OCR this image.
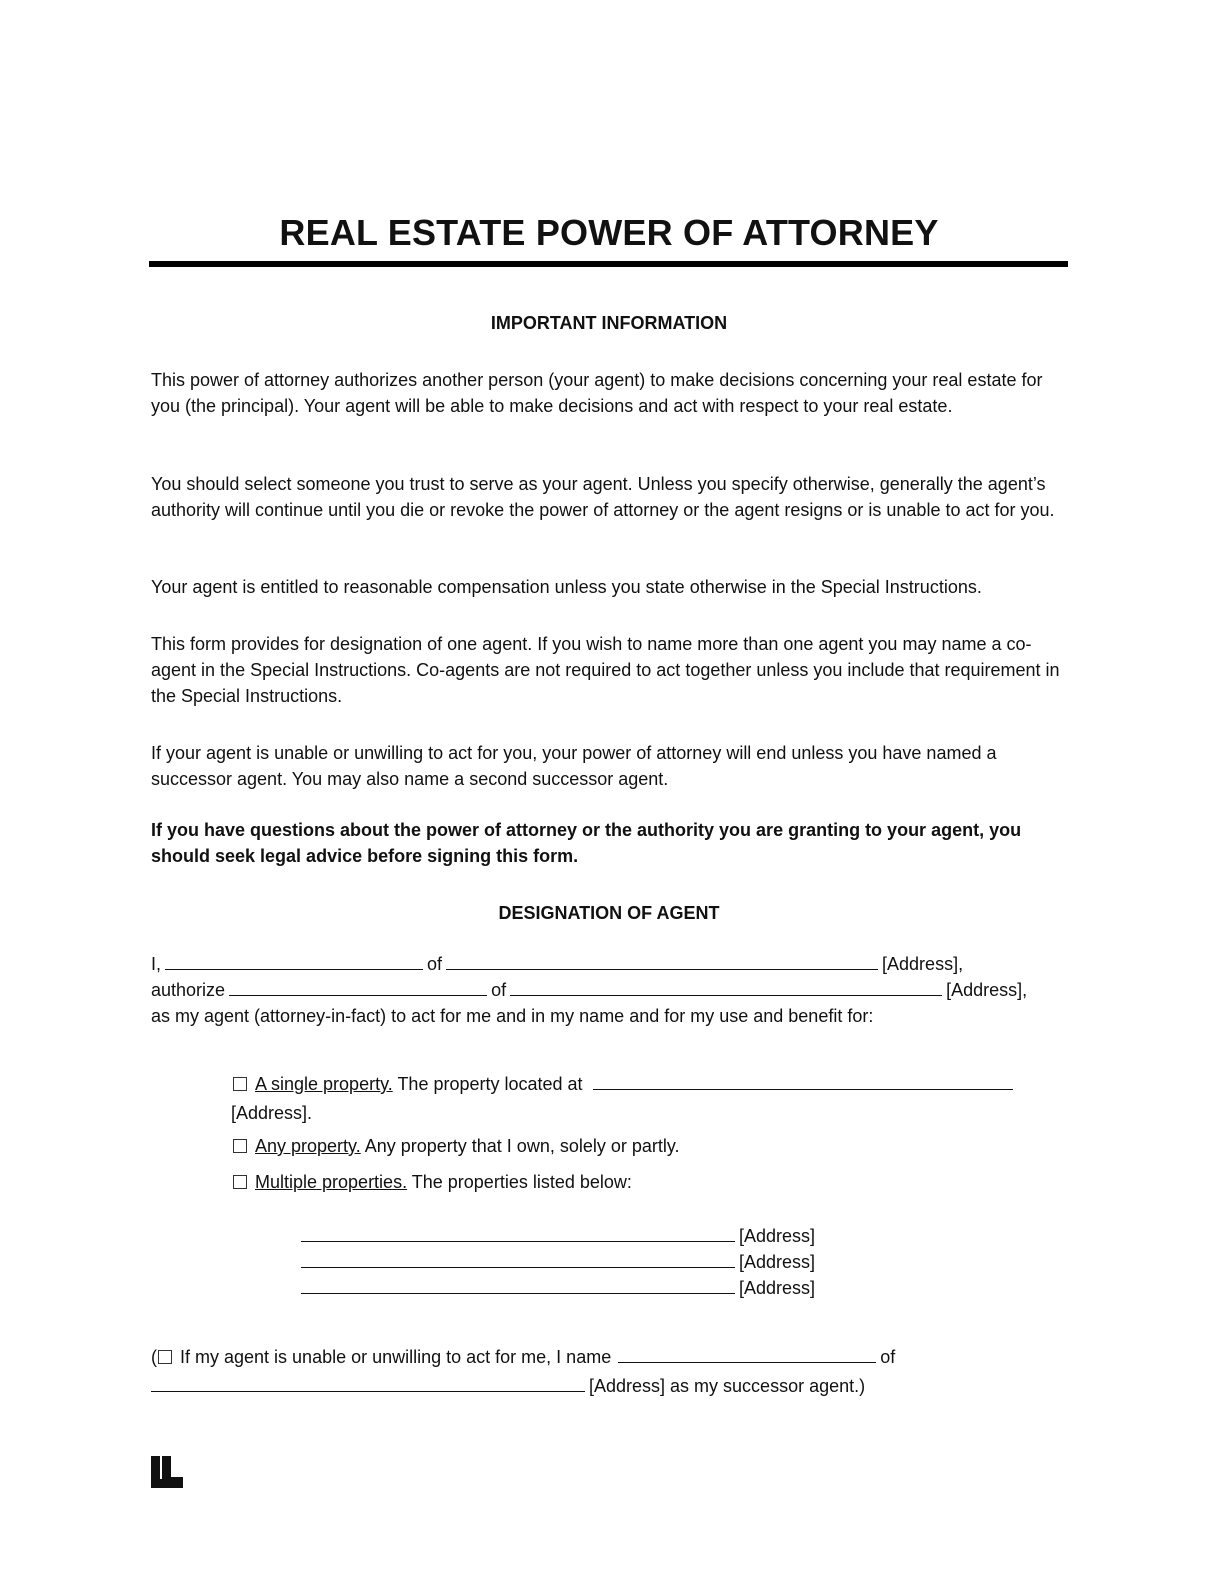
REAL ESTATE POWER OF ATTORNEY
IMPORTANT INFORMATION

This power of attorney authorizes another person (your agent) to make decisions concerning your real estate for you (the principal). Your agent will be able to make decisions and act with respect to your real estate.

You should select someone you trust to serve as your agent. Unless you specify otherwise, generally the agent’s authority will continue until you die or revoke the power of attorney or the agent resigns or is unable to act for you.

Your agent is entitled to reasonable compensation unless you state otherwise in the Special Instructions.

This form provides for designation of one agent. If you wish to name more than one agent you may name a co-agent in the Special Instructions. Co-agents are not required to act together unless you include that requirement in the Special Instructions.

If your agent is unable or unwilling to act for you, your power of attorney will end unless you have named a successor agent. You may also name a second successor agent.

If you have questions about the power of attorney or the authority you are granting to your agent, you should seek legal advice before signing this form.

DESIGNATION OF AGENT
I,	of	[Address],
authorize	of	[Address],
as my agent (attorney-in-fact) to act for me and in my name and for my use and benefit for:
A single property. The property located at
[Address].
Any property. Any property that I own, solely or partly.
Multiple properties. The properties listed below:
[Address]
[Address]
[Address]
( If my agent is unable or unwilling to act for me, I name	of
[Address] as my successor agent.)
